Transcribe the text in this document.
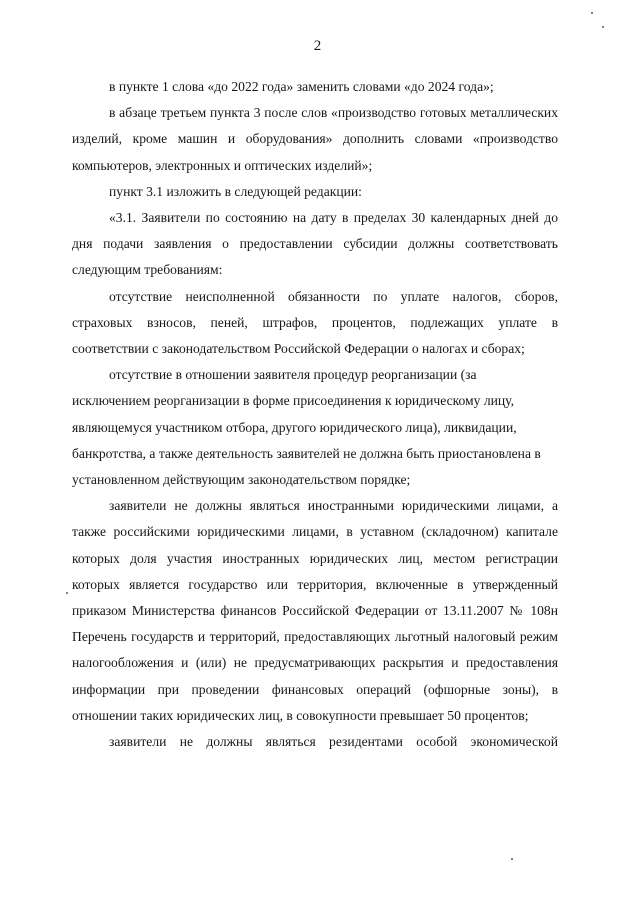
2

в пункте 1 слова «до 2022 года» заменить словами «до 2024 года»;

в абзаце третьем пункта 3 после слов «производство готовых металлических изделий, кроме машин и оборудования» дополнить словами «производство компьютеров, электронных и оптических изделий»;

пункт 3.1 изложить в следующей редакции:

«3.1. Заявители по состоянию на дату в пределах 30 календарных дней до дня подачи заявления о предоставлении субсидии должны соответствовать следующим требованиям:

отсутствие неисполненной обязанности по уплате налогов, сборов, страховых взносов, пеней, штрафов, процентов, подлежащих уплате в соответствии с законодательством Российской Федерации о налогах и сборах;

отсутствие в отношении заявителя процедур реорганизации (за исключением реорганизации в форме присоединения к юридическому лицу, являющемуся участником отбора, другого юридического лица), ликвидации, банкротства, а также деятельность заявителей не должна быть приостановлена в установленном действующим законодательством порядке;

заявители не должны являться иностранными юридическими лицами, а также российскими юридическими лицами, в уставном (складочном) капитале которых доля участия иностранных юридических лиц, местом регистрации которых является государство или территория, включенные в утвержденный приказом Министерства финансов Российской Федерации от 13.11.2007 № 108н Перечень государств и территорий, предоставляющих льготный налоговый режим налогообложения и (или) не предусматривающих раскрытия и предоставления информации при проведении финансовых операций (офшорные зоны), в отношении таких юридических лиц, в совокупности превышает 50 процентов;

заявители не должны являться резидентами особой экономической
